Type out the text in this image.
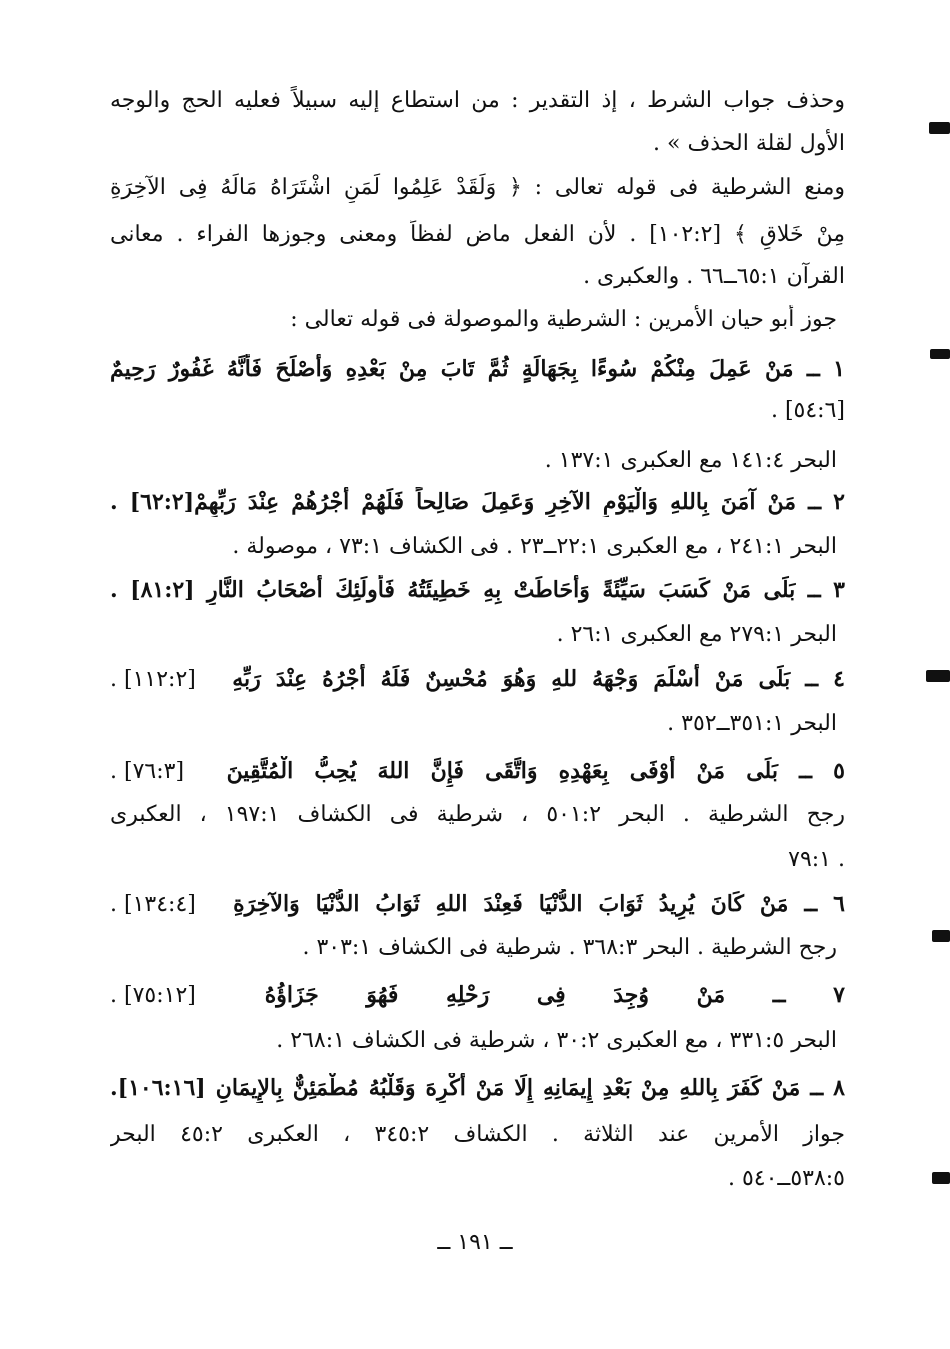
وحذف جواب الشرط ، إذ التقدير : من استطاع إليه سبيلاً فعليه الحج والوجه
الأول لقلة الحذف » .
ومنع الشرطية فى قوله تعالى : ﴿ وَلَقَدْ عَلِمُوا لَمَنِ اشْتَرَاهُ مَالَهُ فِى الآخِرَةِ
مِنْ خَلاقٍ ﴾ [١٠٢:٢] . لأن الفعل ماض لفظاً ومعنى وجوزها الفراء . معانى
القرآن ٦٥:١ــ٦٦ . والعكبرى .
جوز أبو حيان الأمرين : الشرطية والموصولة فى قوله تعالى :
١ ــ مَنْ عَمِلَ مِنْكُمْ سُوءًا بِجَهَالَةٍ ثُمَّ تَابَ مِنْ بَعْدِهِ وَأَصْلَحَ فَأَنَّهُ غَفُورٌ رَحِيمٌ
. [٥٤:٦]
البحر ١٤١:٤ مع العكبرى ١٣٧:١ .
٢ ــ مَنْ آمَنَ بِاللهِ وَالْيَوْمِ الآخِرِ وَعَمِلَ صَالِحاً فَلَهُمْ أَجْرُهُمْ عِنْدَ رَبِّهِمْ[٦٢:٢] .
البحر ٢٤١:١ ، مع العكبرى ٢٢:١ــ٢٣ . فى الكشاف ٧٣:١ ، موصولة .
٣ ــ بَلَى مَنْ كَسَبَ سَيِّئَةً وَأَحَاطَتْ بِهِ خَطِيئَتُهُ فَأُولَئِكَ أَصْحَابُ النَّارِ [٨١:٢] .
البحر ٢٧٩:١ مع العكبرى ٢٦:١ .
٤ ــ بَلَى مَنْ أَسْلَمَ وَجْهَهُ للهِ وَهُوَ مُحْسِنٌ فَلَهُ أَجْرُهُ عِنْدَ رَبِّهِ [١١٢:٢] .
البحر ٣٥١:١ــ٣٥٢ .
٥ ــ بَلَى مَنْ أَوْفَى بِعَهْدِهِ وَاتَّقَى فَإِنَّ اللهَ يُحِبُّ الْمُتَّقِينَ [٧٦:٣] .
رجح الشرطية . البحر ٥٠١:٢ ، شرطية فى الكشاف ١٩٧:١ ، العكبرى
٧٩:١ .
٦ ــ مَنْ كَانَ يُرِيدُ ثَوَابَ الدُّنْيَا فَعِنْدَ اللهِ ثَوَابُ الدُّنْيَا وَالآخِرَةِ [١٣٤:٤] .
رجح الشرطية . البحر ٣٦٨:٣ . شرطية فى الكشاف ٣٠٣:١ .
٧ ــ مَنْ وُجِدَ فِى رَحْلِهِ فَهُوَ جَزَاؤُهُ [٧٥:١٢] .
البحر ٣٣١:٥ ، مع العكبرى ٣٠:٢ ، شرطية فى الكشاف ٢٦٨:١ .
٨ ــ مَنْ كَفَرَ بِاللهِ مِنْ بَعْدِ إِيمَانِهِ إِلَا مَنْ أُكْرِهَ وَقَلْبُهُ مُطْمَئِنٌّ بِالإِيمَانِ [١٠٦:١٦].
جواز الأمرين عند الثلاثة . الكشاف ٣٤٥:٢ ، العكبرى ٤٥:٢ البحر
٥٣٨:٥ــ٥٤٠ .
ــ ١٩١ ــ
